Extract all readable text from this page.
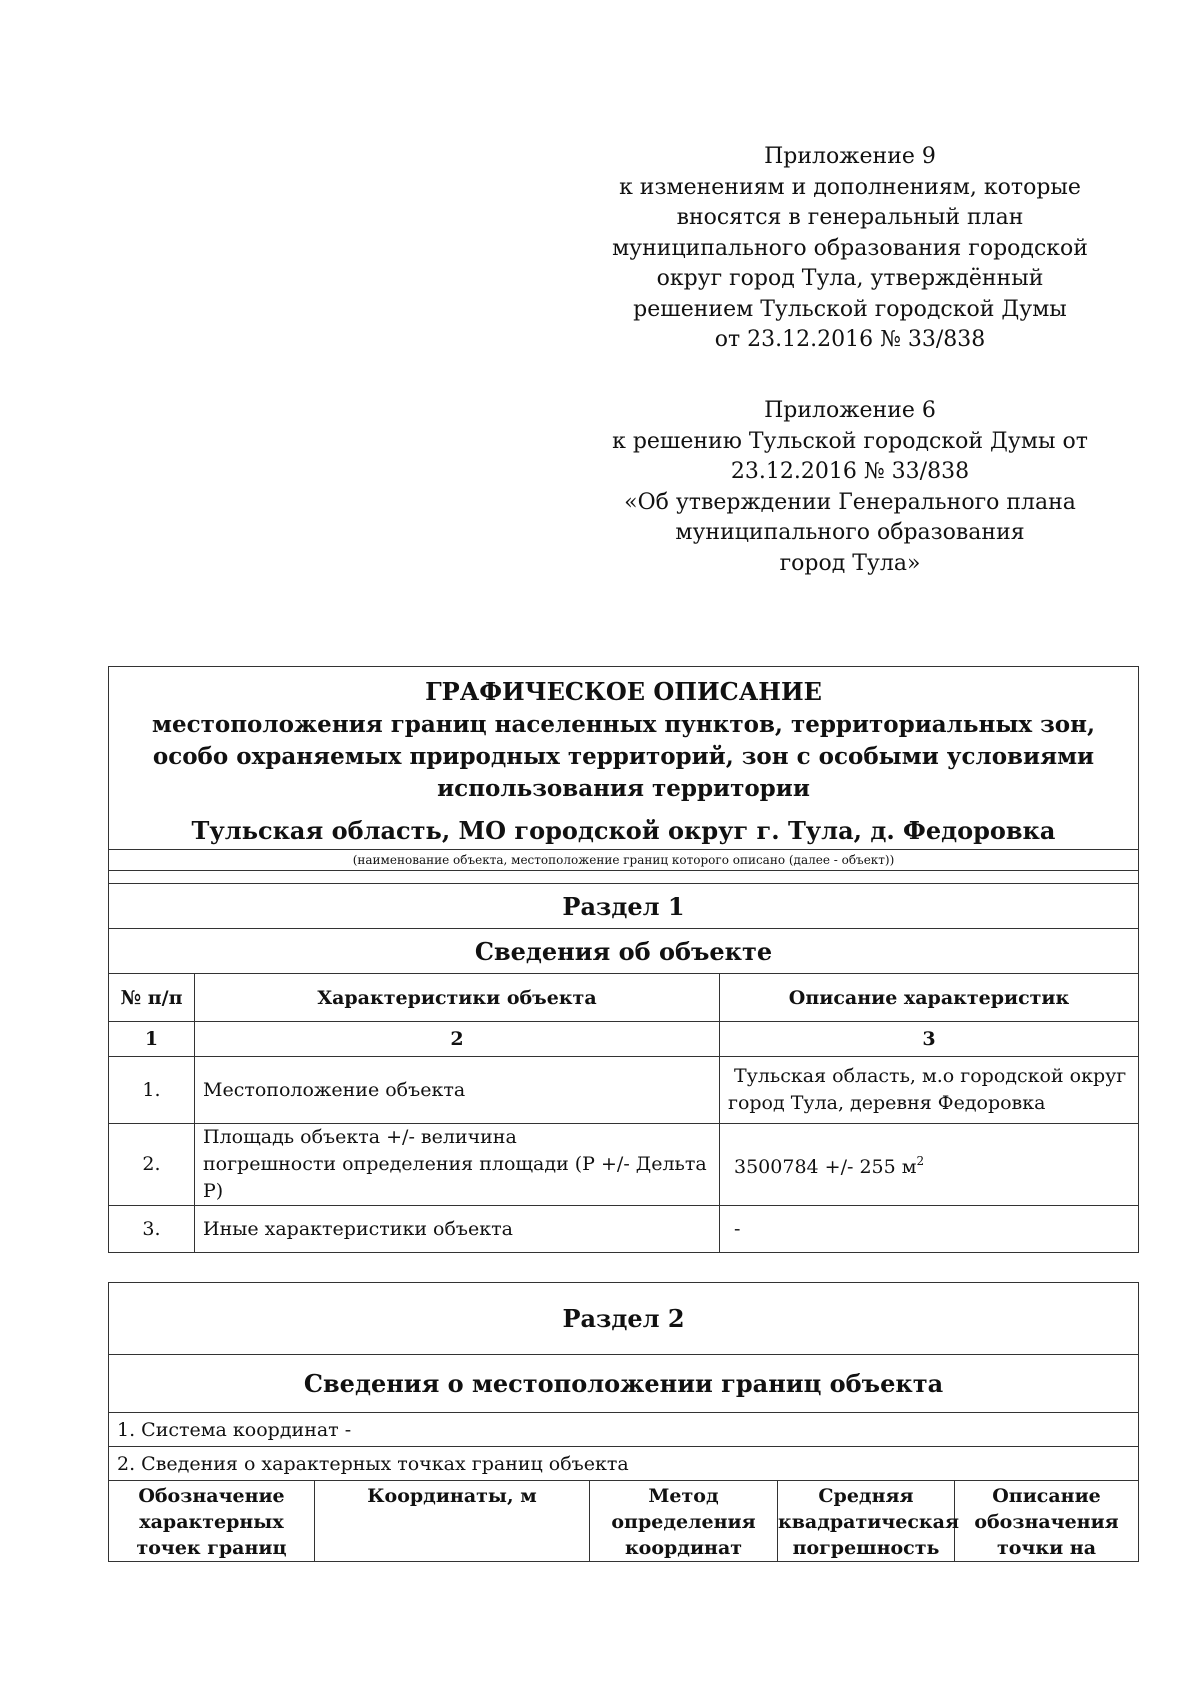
Приложение 9
к изменениям и дополнениям, которые
вносятся в генеральный план
муниципального образования городской
округ город Тула, утверждённый
решением Тульской городской Думы
от 23.12.2016 № 33/838
Приложение 6
к решению Тульской городской Думы от
23.12.2016 № 33/838
«Об утверждении Генерального плана
муниципального образования
город Тула»
ГРАФИЧЕСКОЕ ОПИСАНИЕ
местоположения границ населенных пунктов, территориальных зон, особо охраняемых природных территорий, зон с особыми условиями использования территории
Тульская область, МО городской округ г. Тула, д. Федоровка		

(наименование объекта, местоположение границ которого описано (далее - объект))		

Раздел 1		
Сведения об объекте		
№ п/п	Характеристики объекта	Описание характеристик
1	2	3
1.	Местоположение объекта	Тульская область, м.о городской округ
город Тула, деревня Федоровка

2.	Площадь объекта +/- величина
погрешности определения площади (Р +/- Дельта Р)	3500784 +/- 255 $м^2$
3.	Иные характеристики объекта	-
Раздел 2
Сведения о местоположении границ объекта
1. Система координат -
2. Сведения о характерных точках границ объекта
Обозначение характерных точек границ	Координаты, м	Метод определения координат	Средняя квадратическая погрешность	Описание обозначения точки на
